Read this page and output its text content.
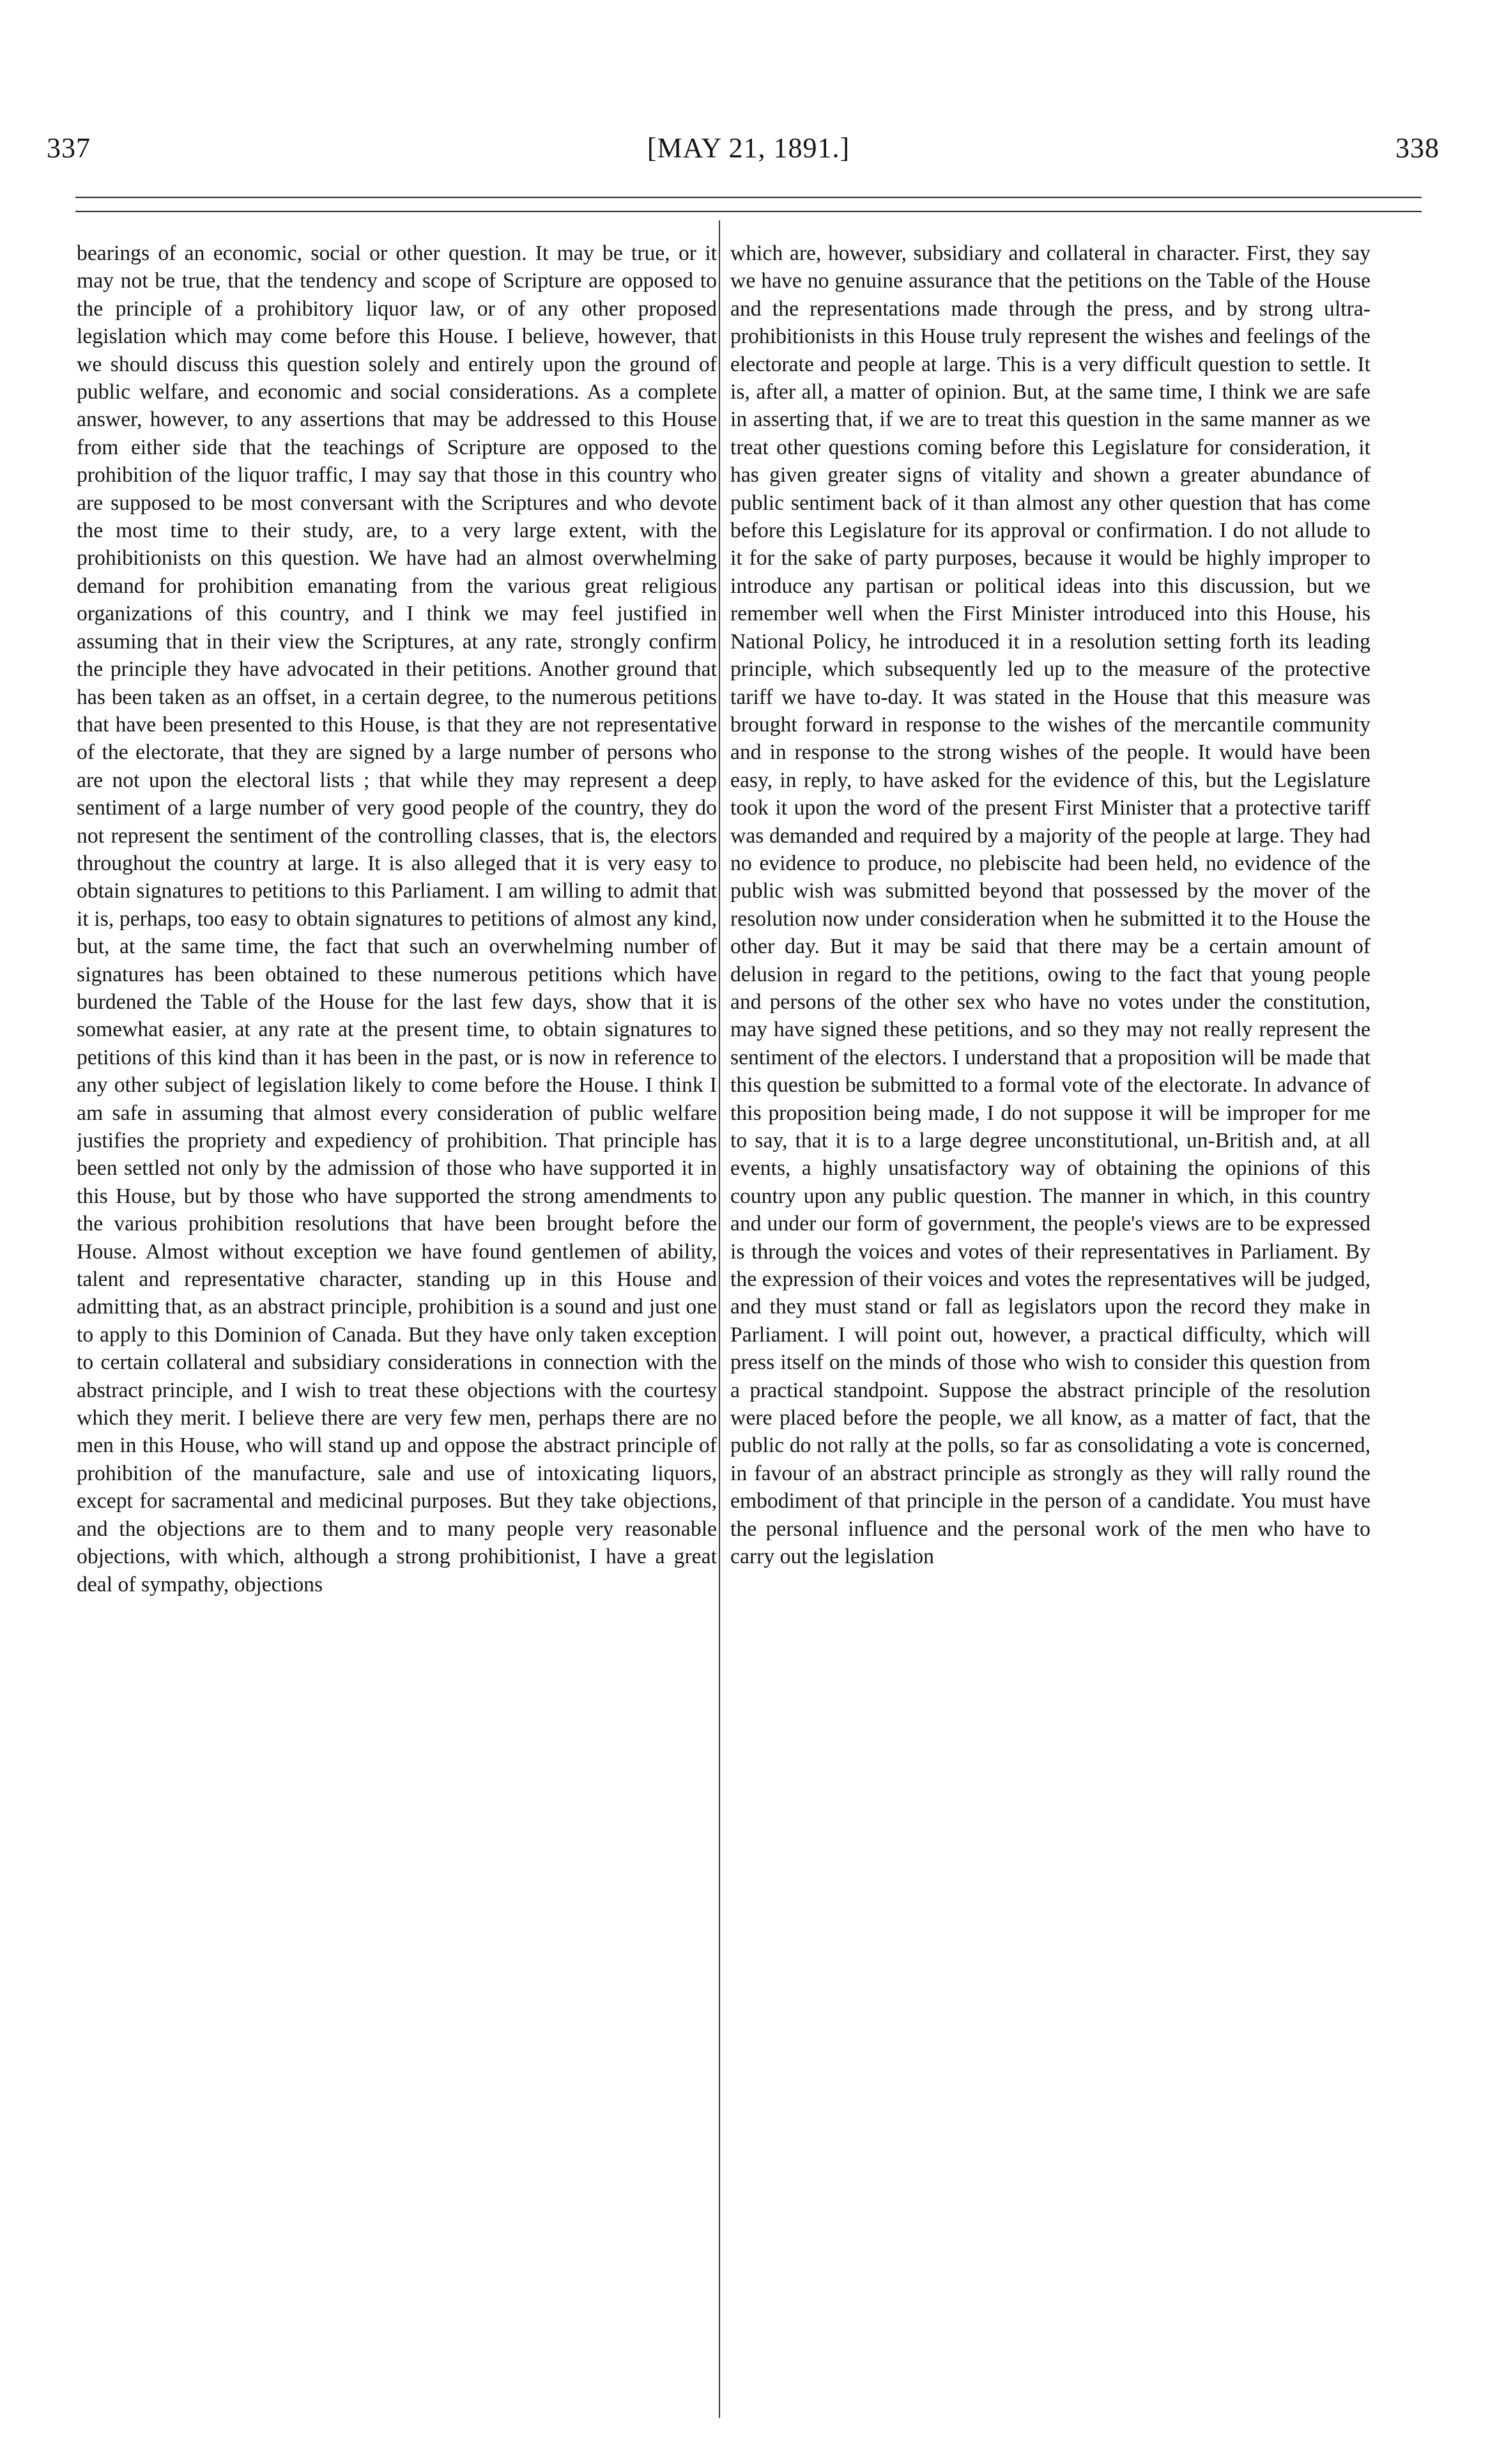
337	[MAY 21, 1891.]	338
bearings of an economic, social or other question. It may be true, or it may not be true, that the tendency and scope of Scripture are opposed to the principle of a prohibitory liquor law, or of any other proposed legislation which may come before this House. I believe, however, that we should discuss this question solely and entirely upon the ground of public welfare, and economic and social considerations. As a complete answer, however, to any assertions that may be addressed to this House from either side that the teachings of Scripture are opposed to the prohibition of the liquor traffic, I may say that those in this country who are supposed to be most conversant with the Scriptures and who devote the most time to their study, are, to a very large extent, with the prohibitionists on this question. We have had an almost overwhelming demand for prohibition emanating from the various great religious organizations of this country, and I think we may feel justified in assuming that in their view the Scriptures, at any rate, strongly confirm the principle they have advocated in their petitions. Another ground that has been taken as an offset, in a certain degree, to the numerous petitions that have been presented to this House, is that they are not representative of the electorate, that they are signed by a large number of persons who are not upon the electoral lists ; that while they may represent a deep sentiment of a large number of very good people of the country, they do not represent the sentiment of the controlling classes, that is, the electors throughout the country at large. It is also alleged that it is very easy to obtain signatures to petitions to this Parliament. I am willing to admit that it is, perhaps, too easy to obtain signatures to petitions of almost any kind, but, at the same time, the fact that such an overwhelming number of signatures has been obtained to these numerous petitions which have burdened the Table of the House for the last few days, show that it is somewhat easier, at any rate at the present time, to obtain signatures to petitions of this kind than it has been in the past, or is now in reference to any other subject of legislation likely to come before the House. I think I am safe in assuming that almost every consideration of public welfare justifies the propriety and expediency of prohibition. That principle has been settled not only by the admission of those who have supported it in this House, but by those who have supported the strong amendments to the various prohibition resolutions that have been brought before the House. Almost without exception we have found gentlemen of ability, talent and representative character, standing up in this House and admitting that, as an abstract principle, prohibition is a sound and just one to apply to this Dominion of Canada. But they have only taken exception to certain collateral and subsidiary considerations in connection with the abstract principle, and I wish to treat these objections with the courtesy which they merit. I believe there are very few men, perhaps there are no men in this House, who will stand up and oppose the abstract principle of prohibition of the manufacture, sale and use of intoxicating liquors, except for sacramental and medicinal purposes. But they take objections, and the objections are to them and to many people very reasonable objections, with which, although a strong prohibitionist, I have a great deal of sympathy, objections
which are, however, subsidiary and collateral in character. First, they say we have no genuine assurance that the petitions on the Table of the House and the representations made through the press, and by strong ultra-prohibitionists in this House truly represent the wishes and feelings of the electorate and people at large. This is a very difficult question to settle. It is, after all, a matter of opinion. But, at the same time, I think we are safe in asserting that, if we are to treat this question in the same manner as we treat other questions coming before this Legislature for consideration, it has given greater signs of vitality and shown a greater abundance of public sentiment back of it than almost any other question that has come before this Legislature for its approval or confirmation. I do not allude to it for the sake of party purposes, because it would be highly improper to introduce any partisan or political ideas into this discussion, but we remember well when the First Minister introduced into this House, his National Policy, he introduced it in a resolution setting forth its leading principle, which subsequently led up to the measure of the protective tariff we have to-day. It was stated in the House that this measure was brought forward in response to the wishes of the mercantile community and in response to the strong wishes of the people. It would have been easy, in reply, to have asked for the evidence of this, but the Legislature took it upon the word of the present First Minister that a protective tariff was demanded and required by a majority of the people at large. They had no evidence to produce, no plebiscite had been held, no evidence of the public wish was submitted beyond that possessed by the mover of the resolution now under consideration when he submitted it to the House the other day. But it may be said that there may be a certain amount of delusion in regard to the petitions, owing to the fact that young people and persons of the other sex who have no votes under the constitution, may have signed these petitions, and so they may not really represent the sentiment of the electors. I understand that a proposition will be made that this question be submitted to a formal vote of the electorate. In advance of this proposition being made, I do not suppose it will be improper for me to say, that it is to a large degree unconstitutional, un-British and, at all events, a highly unsatisfactory way of obtaining the opinions of this country upon any public question. The manner in which, in this country and under our form of government, the people's views are to be expressed is through the voices and votes of their representatives in Parliament. By the expression of their voices and votes the representatives will be judged, and they must stand or fall as legislators upon the record they make in Parliament. I will point out, however, a practical difficulty, which will press itself on the minds of those who wish to consider this question from a practical standpoint. Suppose the abstract principle of the resolution were placed before the people, we all know, as a matter of fact, that the public do not rally at the polls, so far as consolidating a vote is concerned, in favour of an abstract principle as strongly as they will rally round the embodiment of that principle in the person of a candidate. You must have the personal influence and the personal work of the men who have to carry out the legislation
